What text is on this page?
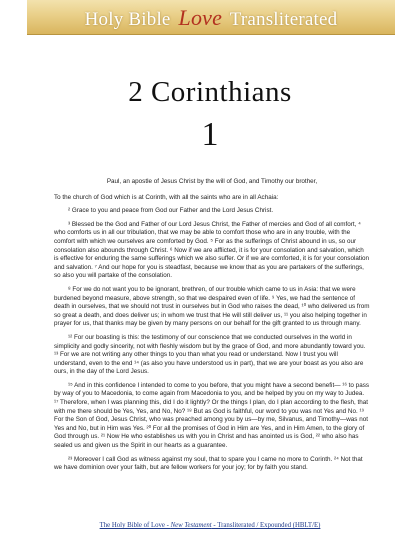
Holy Bible Love Transliterated
2 Corinthians
1

Paul, an apostle of Jesus Christ by the will of God, and Timothy our brother,

To the church of God which is at Corinth, with all the saints who are in all Achaia:

² Grace to you and peace from God our Father and the Lord Jesus Christ.

³ Blessed be the God and Father of our Lord Jesus Christ, the Father of mercies and God of all comfort, ⁴ who comforts us in all our tribulation, that we may be able to comfort those who are in any trouble, with the comfort with which we ourselves are comforted by God. ⁵ For as the sufferings of Christ abound in us, so our consolation also abounds through Christ. ⁶ Now if we are afflicted, it is for your consolation and salvation, which is effective for enduring the same sufferings which we also suffer. Or if we are comforted, it is for your consolation and salvation. ⁷ And our hope for you is steadfast, because we know that as you are partakers of the sufferings, so also you will partake of the consolation.

⁸ For we do not want you to be ignorant, brethren, of our trouble which came to us in Asia: that we were burdened beyond measure, above strength, so that we despaired even of life. ⁹ Yes, we had the sentence of death in ourselves, that we should not trust in ourselves but in God who raises the dead, ¹⁰ who delivered us from so great a death, and does deliver us; in whom we trust that He will still deliver us, ¹¹ you also helping together in prayer for us, that thanks may be given by many persons on our behalf for the gift granted to us through many.

¹² For our boasting is this: the testimony of our conscience that we conducted ourselves in the world in simplicity and godly sincerity, not with fleshly wisdom but by the grace of God, and more abundantly toward you. ¹³ For we are not writing any other things to you than what you read or understand. Now I trust you will understand, even to the end ¹⁴ (as also you have understood us in part), that we are your boast as you also are ours, in the day of the Lord Jesus.

¹⁵ And in this confidence I intended to come to you before, that you might have a second benefit— ¹⁶ to pass by way of you to Macedonia, to come again from Macedonia to you, and be helped by you on my way to Judea. ¹⁷ Therefore, when I was planning this, did I do it lightly? Or the things I plan, do I plan according to the flesh, that with me there should be Yes, Yes, and No, No? ¹⁸ But as God is faithful, our word to you was not Yes and No. ¹⁹ For the Son of God, Jesus Christ, who was preached among you by us—by me, Silvanus, and Timothy—was not Yes and No, but in Him was Yes. ²⁰ For all the promises of God in Him are Yes, and in Him Amen, to the glory of God through us. ²¹ Now He who establishes us with you in Christ and has anointed us is God, ²² who also has sealed us and given us the Spirit in our hearts as a guarantee.

²³ Moreover I call God as witness against my soul, that to spare you I came no more to Corinth. ²⁴ Not that we have dominion over your faith, but are fellow workers for your joy; for by faith you stand.

The Holy Bible of Love - New Testament - Transliterated / Expounded (HBLT/E)
